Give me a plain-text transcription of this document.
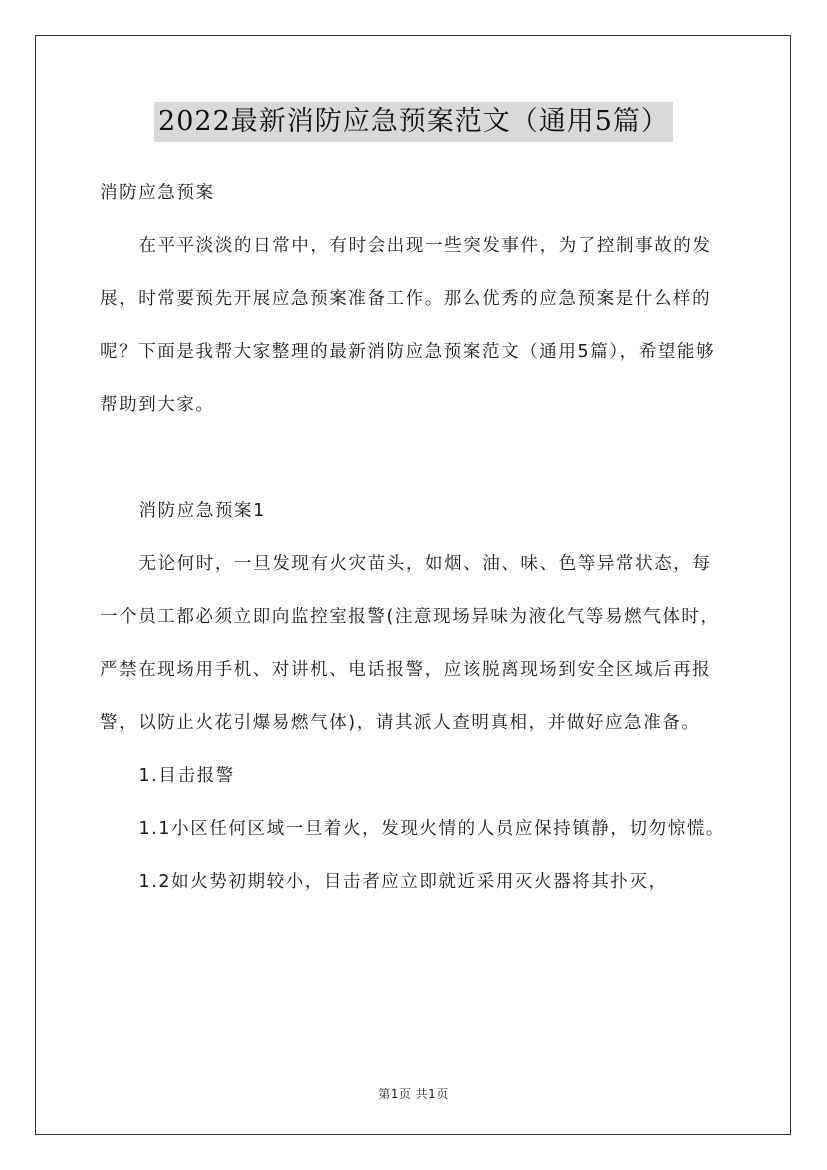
2022最新消防应急预案范文（通用5篇）

消防应急预案

在平平淡淡的日常中，有时会出现一些突发事件，为了控制事故的发展，时常要预先开展应急预案准备工作。那么优秀的应急预案是什么样的呢？下面是我帮大家整理的最新消防应急预案范文（通用5篇），希望能够帮助到大家。

消防应急预案1

无论何时，一旦发现有火灾苗头，如烟、油、味、色等异常状态，每一个员工都必须立即向监控室报警(注意现场异味为液化气等易燃气体时，严禁在现场用手机、对讲机、电话报警，应该脱离现场到安全区域后再报警，以防止火花引爆易燃气体)，请其派人查明真相，并做好应急准备。

1.目击报警

1.1小区任何区域一旦着火，发现火情的人员应保持镇静，切勿惊慌。

1.2如火势初期较小，目击者应立即就近采用灭火器将其扑灭，

第1页 共1页
